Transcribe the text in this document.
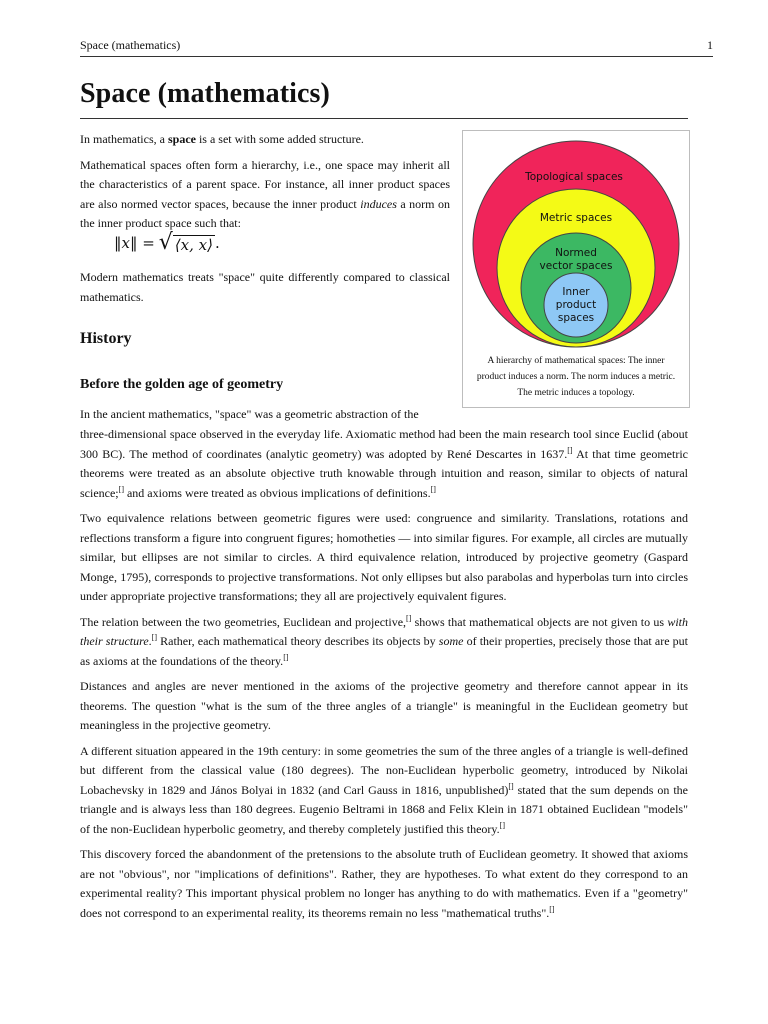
Space (mathematics)	1
Space (mathematics)

In mathematics, a space is a set with some added structure.

Mathematical spaces often form a hierarchy, i.e., one space may inherit all the characteristics of a parent space. For instance, all inner product spaces are also normed vector spaces, because the inner product induces a norm on the inner product space such that:

‖x‖ = √ ⟨x, x⟩ .

Modern mathematics treats "space" quite differently compared to classical mathematics.

History
Before the golden age of geometry
Topological spaces
Metric spaces
Normed
vector spaces
Inner
product
spaces
A hierarchy of mathematical spaces: The inner product induces a norm. The norm induces a metric. The metric induces a topology.

In the ancient mathematics, "space" was a geometric abstraction of the

three-dimensional space observed in the everyday life. Axiomatic method had been the main research tool since Euclid (about 300 BC). The method of coordinates (analytic geometry) was adopted by René Descartes in 1637.[] At that time geometric theorems were treated as an absolute objective truth knowable through intuition and reason, similar to objects of natural science;[] and axioms were treated as obvious implications of definitions.[]

Two equivalence relations between geometric figures were used: congruence and similarity. Translations, rotations and reflections transform a figure into congruent figures; homotheties — into similar figures. For example, all circles are mutually similar, but ellipses are not similar to circles. A third equivalence relation, introduced by projective geometry (Gaspard Monge, 1795), corresponds to projective transformations. Not only ellipses but also parabolas and hyperbolas turn into circles under appropriate projective transformations; they all are projectively equivalent figures.

The relation between the two geometries, Euclidean and projective,[] shows that mathematical objects are not given to us with their structure.[] Rather, each mathematical theory describes its objects by some of their properties, precisely those that are put as axioms at the foundations of the theory.[]

Distances and angles are never mentioned in the axioms of the projective geometry and therefore cannot appear in its theorems. The question "what is the sum of the three angles of a triangle" is meaningful in the Euclidean geometry but meaningless in the projective geometry.

A different situation appeared in the 19th century: in some geometries the sum of the three angles of a triangle is well-defined but different from the classical value (180 degrees). The non-Euclidean hyperbolic geometry, introduced by Nikolai Lobachevsky in 1829 and János Bolyai in 1832 (and Carl Gauss in 1816, unpublished)[] stated that the sum depends on the triangle and is always less than 180 degrees. Eugenio Beltrami in 1868 and Felix Klein in 1871 obtained Euclidean "models" of the non-Euclidean hyperbolic geometry, and thereby completely justified this theory.[]

This discovery forced the abandonment of the pretensions to the absolute truth of Euclidean geometry. It showed that axioms are not "obvious", nor "implications of definitions". Rather, they are hypotheses. To what extent do they correspond to an experimental reality? This important physical problem no longer has anything to do with mathematics. Even if a "geometry" does not correspond to an experimental reality, its theorems remain no less "mathematical truths".[]
